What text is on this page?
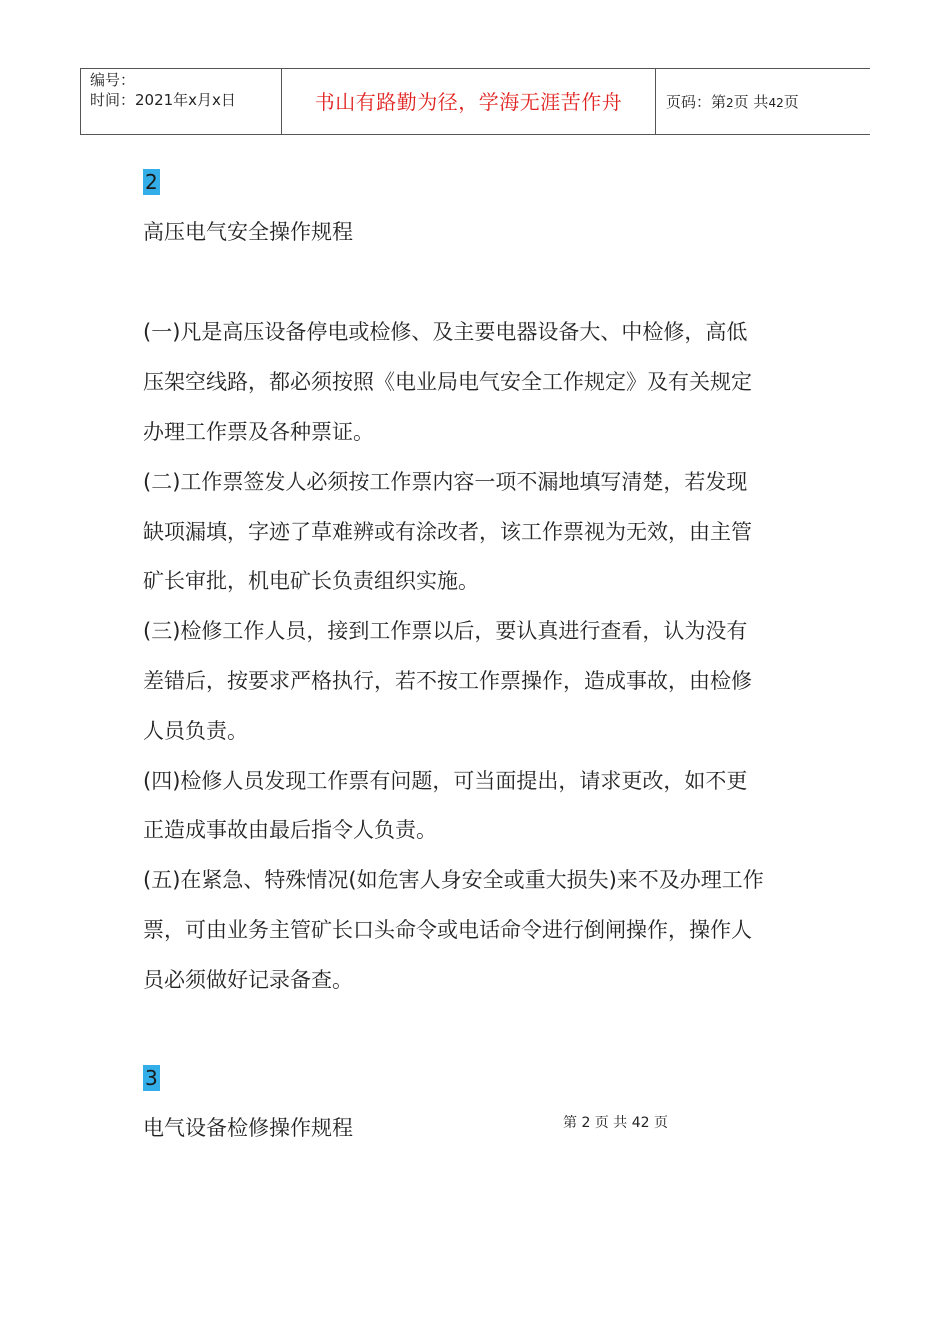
编号：
时间：2021年x月x日	书山有路勤为径，学海无涯苦作舟	页码：第2页 共42页
2
高压电气安全操作规程
(一)凡是高压设备停电或检修、及主要电器设备大、中检修，高低
压架空线路，都必须按照《电业局电气安全工作规定》及有关规定
办理工作票及各种票证。
(二)工作票签发人必须按工作票内容一项不漏地填写清楚，若发现
缺项漏填，字迹了草难辨或有涂改者，该工作票视为无效，由主管
矿长审批，机电矿长负责组织实施。
(三)检修工作人员，接到工作票以后，要认真进行查看，认为没有
差错后，按要求严格执行，若不按工作票操作，造成事故，由检修
人员负责。
(四)检修人员发现工作票有问题，可当面提出，请求更改，如不更
正造成事故由最后指令人负责。
(五)在紧急、特殊情况(如危害人身安全或重大损失)来不及办理工作
票，可由业务主管矿长口头命令或电话命令进行倒闸操作，操作人
员必须做好记录备查。
3
电气设备检修操作规程	第 2 页 共 42 页
